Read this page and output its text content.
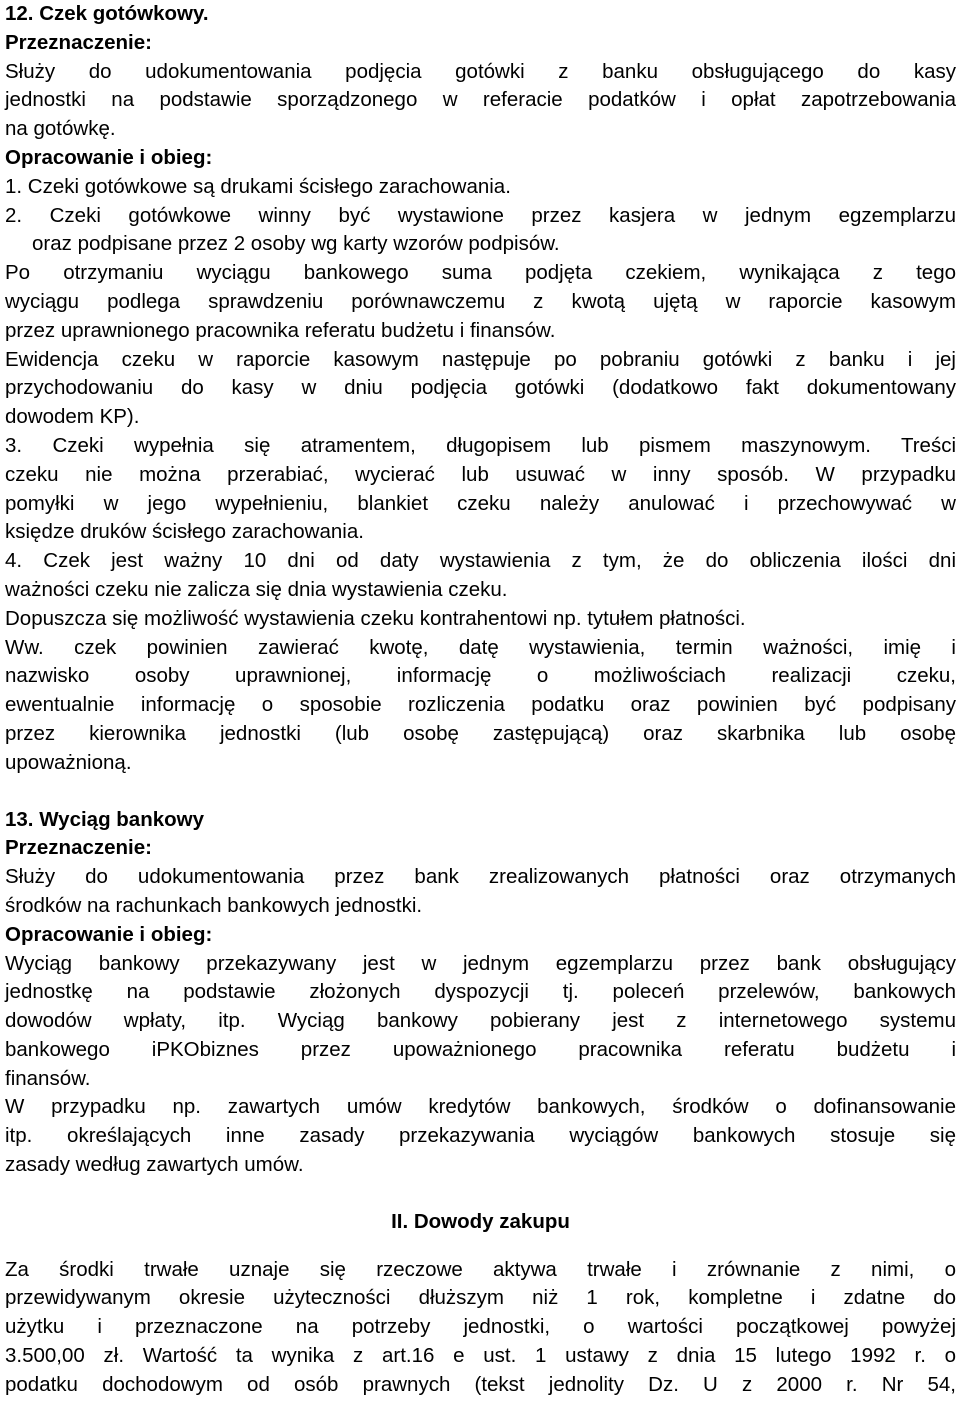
12. Czek gotówkowy.

Przeznaczenie:

Służy do udokumentowania podjęcia gotówki z banku obsługującego do kasy

jednostki na podstawie sporządzonego w referacie podatków i opłat zapotrzebowania

na gotówkę.

Opracowanie i obieg:

1. Czeki gotówkowe są drukami ścisłego zarachowania.

2. Czeki gotówkowe winny być wystawione przez kasjera w jednym egzemplarzu

oraz podpisane przez 2 osoby wg karty wzorów podpisów.

Po otrzymaniu wyciągu bankowego suma podjęta czekiem, wynikająca z tego

wyciągu podlega sprawdzeniu porównawczemu z kwotą ujętą w raporcie kasowym

przez uprawnionego pracownika referatu budżetu i finansów.

Ewidencja czeku w raporcie kasowym następuje po pobraniu gotówki z banku i jej

przychodowaniu do kasy w dniu podjęcia gotówki (dodatkowo fakt dokumentowany

dowodem KP).

3. Czeki wypełnia się atramentem, długopisem lub pismem maszynowym. Treści

czeku nie można przerabiać, wycierać lub usuwać w inny sposób. W przypadku

pomyłki w jego wypełnieniu, blankiet czeku należy anulować i przechowywać w

księdze druków ścisłego zarachowania.

4. Czek jest ważny 10 dni od daty wystawienia z tym, że do obliczenia ilości dni

ważności czeku nie zalicza się dnia wystawienia czeku.

Dopuszcza się możliwość wystawienia czeku kontrahentowi np. tytułem płatności.

Ww. czek powinien zawierać kwotę, datę wystawienia, termin ważności, imię i

nazwisko osoby uprawnionej, informację o możliwościach realizacji czeku,

ewentualnie informację o sposobie rozliczenia podatku oraz powinien być podpisany

przez kierownika jednostki (lub osobę zastępującą) oraz skarbnika lub osobę

upoważnioną.

13. Wyciąg bankowy

Przeznaczenie:

Służy do udokumentowania przez bank zrealizowanych płatności oraz otrzymanych

środków na rachunkach bankowych jednostki.

Opracowanie i obieg:

Wyciąg bankowy przekazywany jest w jednym egzemplarzu przez bank obsługujący

jednostkę na podstawie złożonych dyspozycji tj. poleceń przelewów, bankowych

dowodów wpłaty, itp. Wyciąg bankowy pobierany jest z internetowego systemu

bankowego iPKObiznes przez upoważnionego pracownika referatu budżetu i

finansów.

W przypadku np. zawartych umów kredytów bankowych, środków o dofinansowanie

itp. określających inne zasady przekazywania wyciągów bankowych stosuje się

zasady według zawartych umów.

II. Dowody zakupu

Za środki trwałe uznaje się rzeczowe aktywa trwałe i zrównanie z nimi, o

przewidywanym okresie użyteczności dłuższym niż 1 rok, kompletne i zdatne do

użytku i przeznaczone na potrzeby jednostki, o wartości początkowej powyżej

3.500,00 zł. Wartość ta wynika z art.16 e ust. 1 ustawy z dnia 15 lutego 1992 r. o

podatku dochodowym od osób prawnych (tekst jednolity Dz. U z 2000 r. Nr 54,
